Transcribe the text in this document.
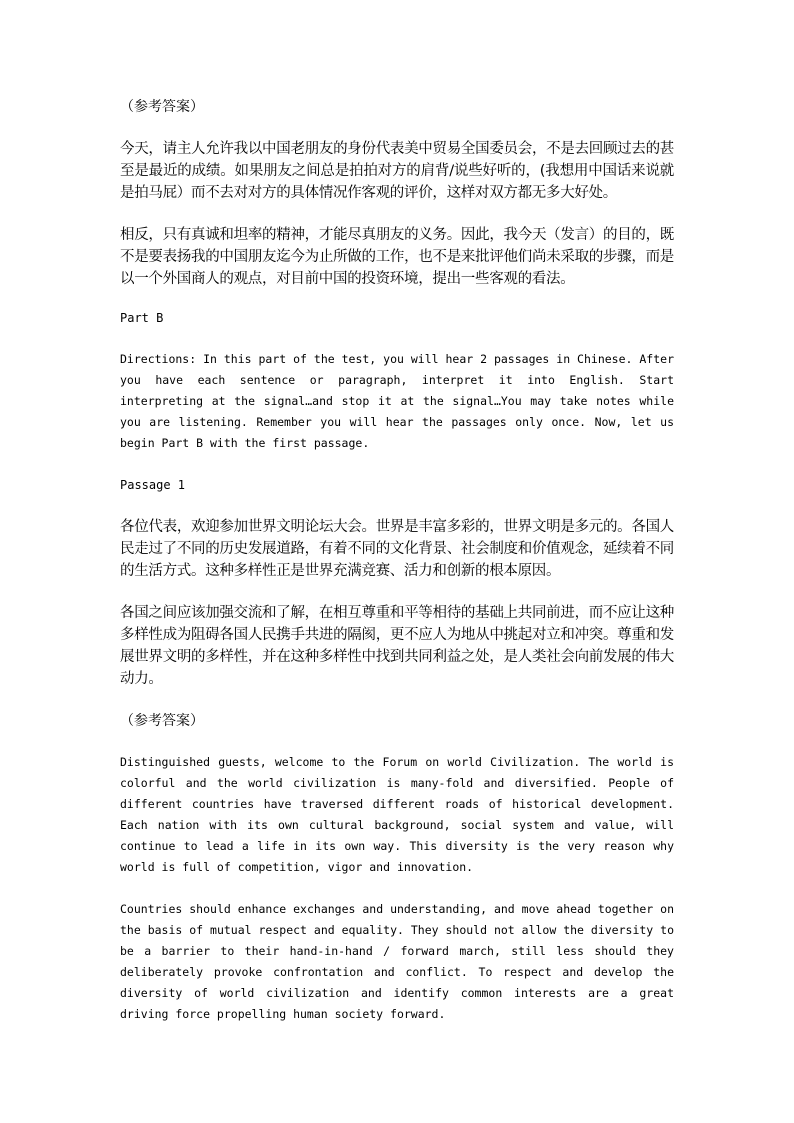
（参考答案）

今天，请主人允许我以中国老朋友的身份代表美中贸易全国委员会，不是去回顾过去的甚至是最近的成绩。如果朋友之间总是拍拍对方的肩背/说些好听的，(我想用中国话来说就是拍马屁）而不去对对方的具体情况作客观的评价，这样对双方都无多大好处。

相反，只有真诚和坦率的精神，才能尽真朋友的义务。因此，我今天（发言）的目的，既不是要表扬我的中国朋友迄今为止所做的工作，也不是来批评他们尚未采取的步骤，而是以一个外国商人的观点，对目前中国的投资环境，提出一些客观的看法。

Part B

Directions: In this part of the test, you will hear 2 passages in Chinese. After you have each sentence or paragraph, interpret it into English. Start interpreting at the signal…and stop it at the signal…You may take notes while you are listening. Remember you will hear the passages only once. Now, let us begin Part B with the first passage.

Passage 1

各位代表，欢迎参加世界文明论坛大会。世界是丰富多彩的，世界文明是多元的。各国人民走过了不同的历史发展道路，有着不同的文化背景、社会制度和价值观念，延续着不同的生活方式。这种多样性正是世界充满竞赛、活力和创新的根本原因。

各国之间应该加强交流和了解，在相互尊重和平等相待的基础上共同前进，而不应让这种多样性成为阻碍各国人民携手共进的隔阂，更不应人为地从中挑起对立和冲突。尊重和发展世界文明的多样性，并在这种多样性中找到共同利益之处，是人类社会向前发展的伟大动力。

（参考答案）

Distinguished guests, welcome to the Forum on world Civilization. The world is colorful and the world civilization is many-fold and diversified. People of different countries have traversed different roads of historical development. Each nation with its own cultural background, social system and value, will continue to lead a life in its own way. This diversity is the very reason why world is full of competition, vigor and innovation.

Countries should enhance exchanges and understanding, and move ahead together on the basis of mutual respect and equality. They should not allow the diversity to be a barrier to their hand-in-hand / forward march, still less should they deliberately provoke confrontation and conflict. To respect and develop the diversity of world civilization and identify common interests are a great driving force propelling human society forward.
